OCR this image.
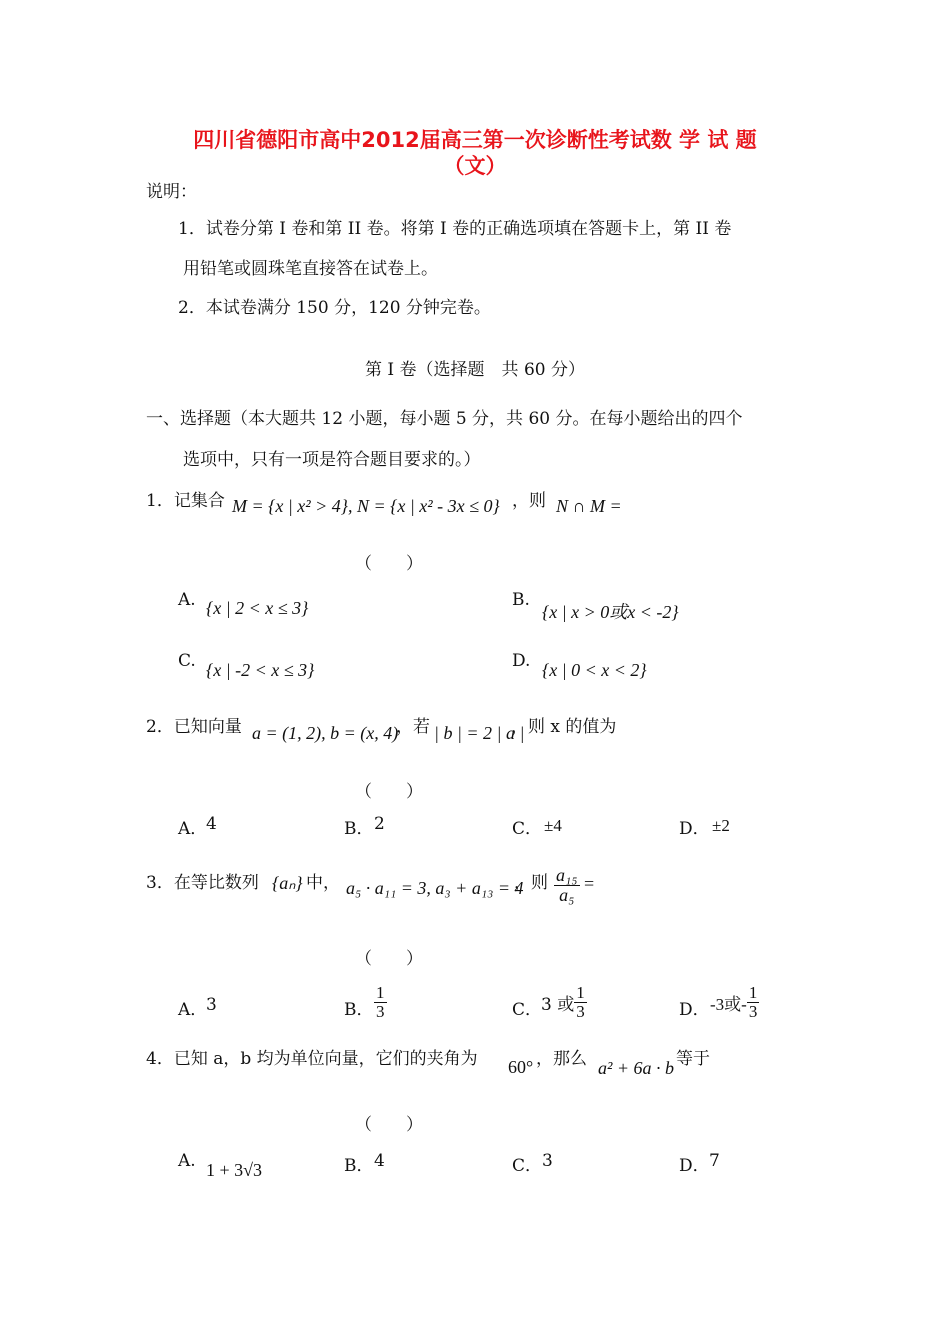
四川省德阳市高中2012届高三第一次诊断性考试数 学 试 题
（文）
说明：
1．试卷分第 I 卷和第 II 卷。将第 I 卷的正确选项填在答题卡上，第 II 卷
用铅笔或圆珠笔直接答在试卷上。
2．本试卷满分 150 分，120 分钟完卷。
第 I 卷（选择题　共 60 分）
一、选择题（本大题共 12 小题，每小题 5 分，共 60 分。在每小题给出的四个
选项中，只有一项是符合题目要求的。）
1．记集合 M = {x | x² > 4}, N = {x | x² - 3x ≤ 0} ，则 N ∩ M =
（　　）
A. {x | 2 < x ≤ 3}	B.
{x | x > 0或x < -2}
C. {x | -2 < x ≤ 3}	D. {x | 0 < x < 2}
2．已知向量 a = (1, 2), b = (x, 4)
，若 | b | = 2 | a |
，则 x 的值为
（　　）
A．
4	B． 2	C． ±4	D． ±2
3．在等比数列 {aₙ} 中， a₅ · a₁₁ = 3, a₃ + a₁₃ = 4
，则 $\frac{\text{a₁₅}}{\text{a₅}}$ =
（　　）
A．
3	B． $\frac{1}{3}$	C．
3 或 $\frac{1}{3}$	D． -3或- $\frac{1}{3}$
4．已知 a，b 均为单位向量，它们的夹角为 60° ，那么 a² + 6a · b 等于
（　　）
A. 1 + 3√3	B． 4	C． 3	D． 7
